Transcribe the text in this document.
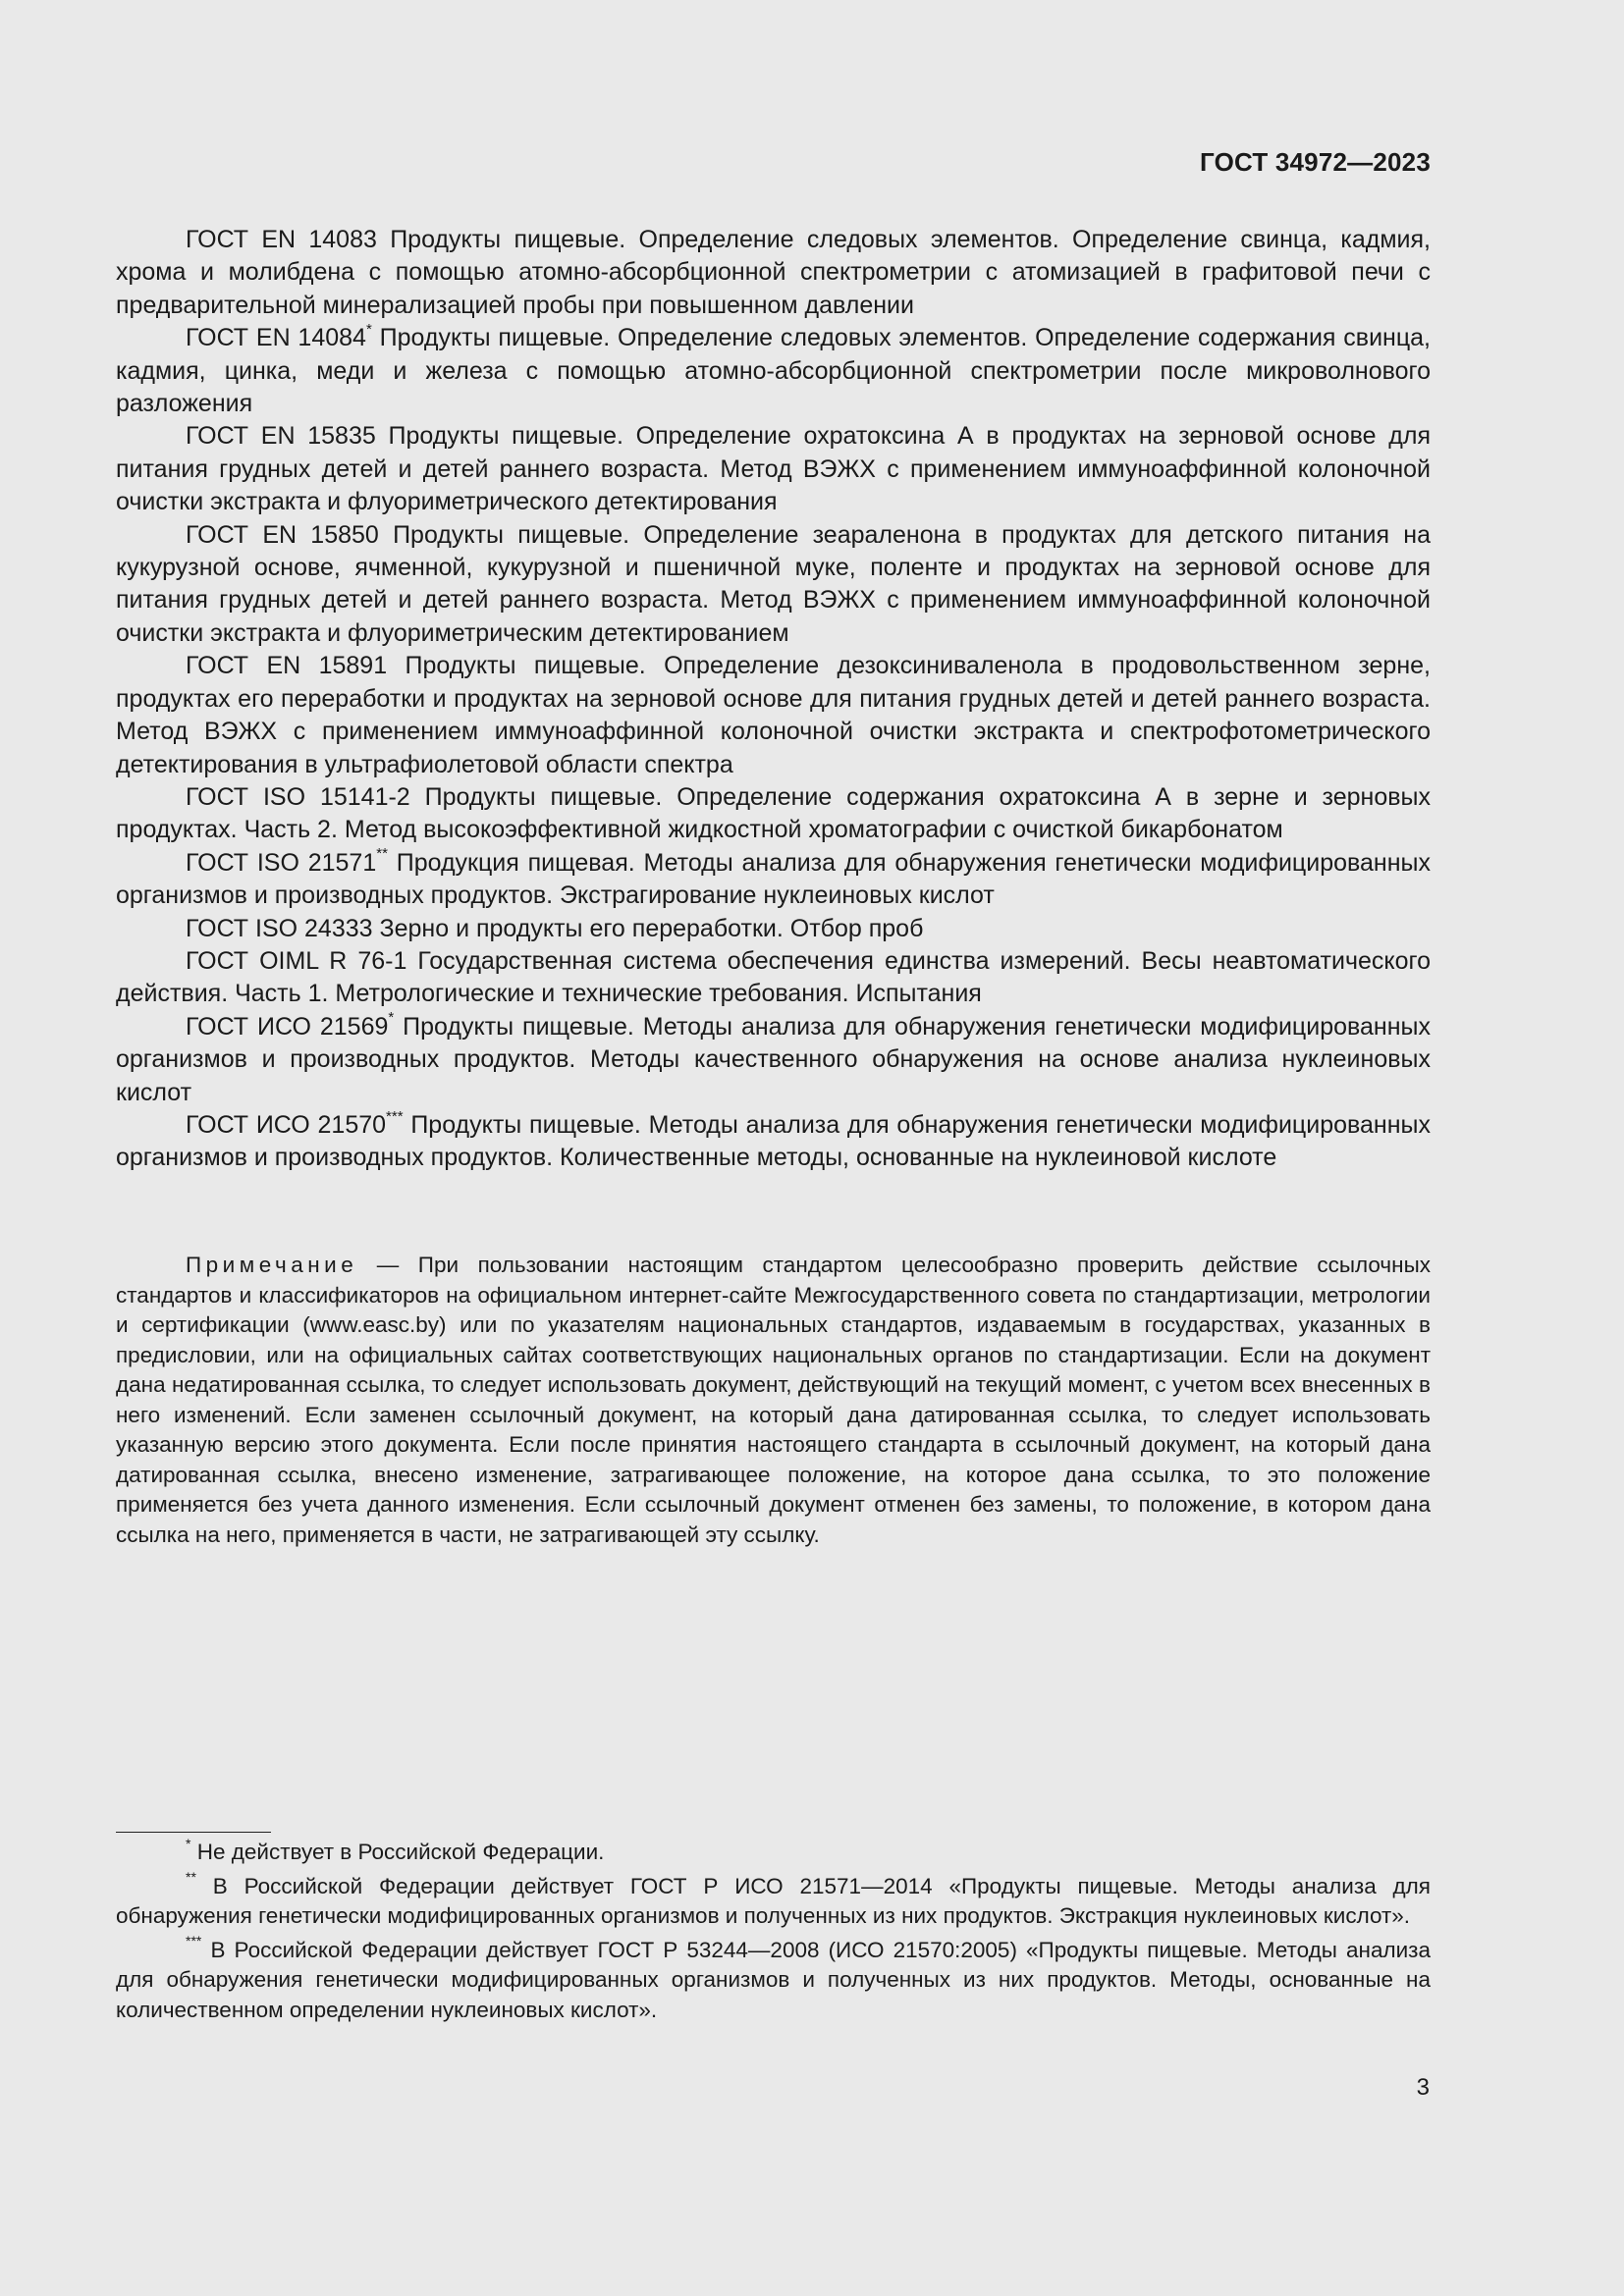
ГОСТ 34972—2023

ГОСТ EN 14083 Продукты пищевые. Определение следовых элементов. Определение свинца, кадмия, хрома и молибдена с помощью атомно-абсорбционной спектрометрии с атомизацией в графитовой печи с предварительной минерализацией пробы при повышенном давлении

ГОСТ EN 14084* Продукты пищевые. Определение следовых элементов. Определение содержания свинца, кадмия, цинка, меди и железа с помощью атомно-абсорбционной спектрометрии после микроволнового разложения

ГОСТ EN 15835 Продукты пищевые. Определение охратоксина А в продуктах на зерновой основе для питания грудных детей и детей раннего возраста. Метод ВЭЖХ с применением иммуноаффинной колоночной очистки экстракта и флуориметрического детектирования

ГОСТ EN 15850 Продукты пищевые. Определение зеараленона в продуктах для детского питания на кукурузной основе, ячменной, кукурузной и пшеничной муке, поленте и продуктах на зерновой основе для питания грудных детей и детей раннего возраста. Метод ВЭЖХ с применением иммуноаффинной колоночной очистки экстракта и флуориметрическим детектированием

ГОСТ EN 15891 Продукты пищевые. Определение дезоксиниваленола в продовольственном зерне, продуктах его переработки и продуктах на зерновой основе для питания грудных детей и детей раннего возраста. Метод ВЭЖХ с применением иммуноаффинной колоночной очистки экстракта и спектрофотометрического детектирования в ультрафиолетовой области спектра

ГОСТ ISO 15141-2 Продукты пищевые. Определение содержания охратоксина А в зерне и зерновых продуктах. Часть 2. Метод высокоэффективной жидкостной хроматографии с очисткой бикарбонатом

ГОСТ ISO 21571** Продукция пищевая. Методы анализа для обнаружения генетически модифицированных организмов и производных продуктов. Экстрагирование нуклеиновых кислот

ГОСТ ISO 24333 Зерно и продукты его переработки. Отбор проб

ГОСТ OIML R 76-1 Государственная система обеспечения единства измерений. Весы неавтоматического действия. Часть 1. Метрологические и технические требования. Испытания

ГОСТ ИСО 21569* Продукты пищевые. Методы анализа для обнаружения генетически модифицированных организмов и производных продуктов. Методы качественного обнаружения на основе анализа нуклеиновых кислот

ГОСТ ИСО 21570*** Продукты пищевые. Методы анализа для обнаружения генетически модифицированных организмов и производных продуктов. Количественные методы, основанные на нуклеиновой кислоте

Примечание — При пользовании настоящим стандартом целесообразно проверить действие ссылочных стандартов и классификаторов на официальном интернет-сайте Межгосударственного совета по стандартизации, метрологии и сертификации (www.easc.by) или по указателям национальных стандартов, издаваемым в государствах, указанных в предисловии, или на официальных сайтах соответствующих национальных органов по стандартизации. Если на документ дана недатированная ссылка, то следует использовать документ, действующий на текущий момент, с учетом всех внесенных в него изменений. Если заменен ссылочный документ, на который дана датированная ссылка, то следует использовать указанную версию этого документа. Если после принятия настоящего стандарта в ссылочный документ, на который дана датированная ссылка, внесено изменение, затрагивающее положение, на которое дана ссылка, то это положение применяется без учета данного изменения. Если ссылочный документ отменен без замены, то положение, в котором дана ссылка на него, применяется в части, не затрагивающей эту ссылку.

* Не действует в Российской Федерации.

** В Российской Федерации действует ГОСТ Р ИСО 21571—2014 «Продукты пищевые. Методы анализа для обнаружения генетически модифицированных организмов и полученных из них продуктов. Экстракция нуклеиновых кислот».

*** В Российской Федерации действует ГОСТ Р 53244—2008 (ИСО 21570:2005) «Продукты пищевые. Методы анализа для обнаружения генетически модифицированных организмов и полученных из них продуктов. Методы, основанные на количественном определении нуклеиновых кислот».

3
